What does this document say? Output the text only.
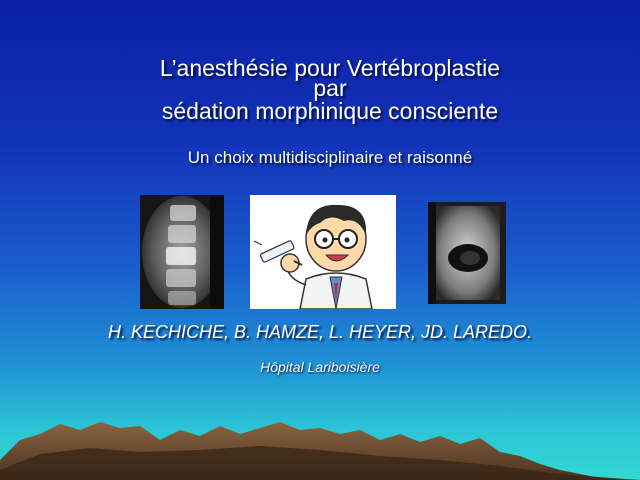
L’anesthésie pour Vertébroplastie
par
sédation morphinique consciente
Un choix multidisciplinaire et raisonné
H. KECHICHE, B. HAMZE, L. HEYER, JD. LAREDO.
Hôpital Lariboisière
